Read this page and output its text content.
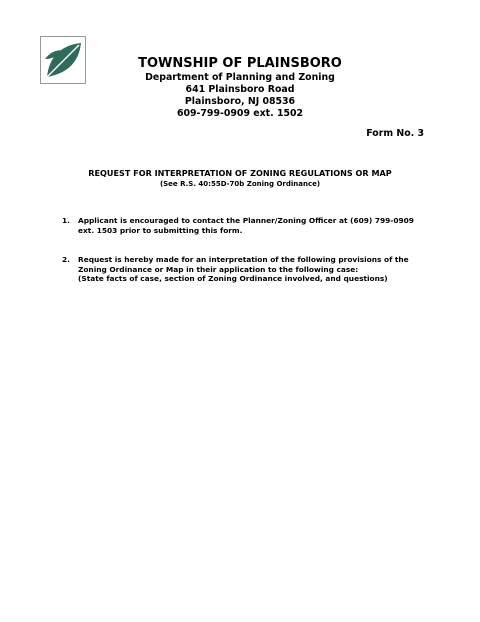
TOWNSHIP OF PLAINSBORO
Department of Planning and Zoning
641 Plainsboro Road
Plainsboro, NJ 08536
609-799-0909 ext. 1502
Form No. 3
REQUEST FOR INTERPRETATION OF ZONING REGULATIONS OR MAP
(See R.S. 40:55D-70b Zoning Ordinance)
1. Applicant is encouraged to contact the Planner/Zoning Officer at (609) 799-0909
ext. 1503 prior to submitting this form.
2. Request is hereby made for an interpretation of the following provisions of the
Zoning Ordinance or Map in their application to the following case:
(State facts of case, section of Zoning Ordinance involved, and questions)
